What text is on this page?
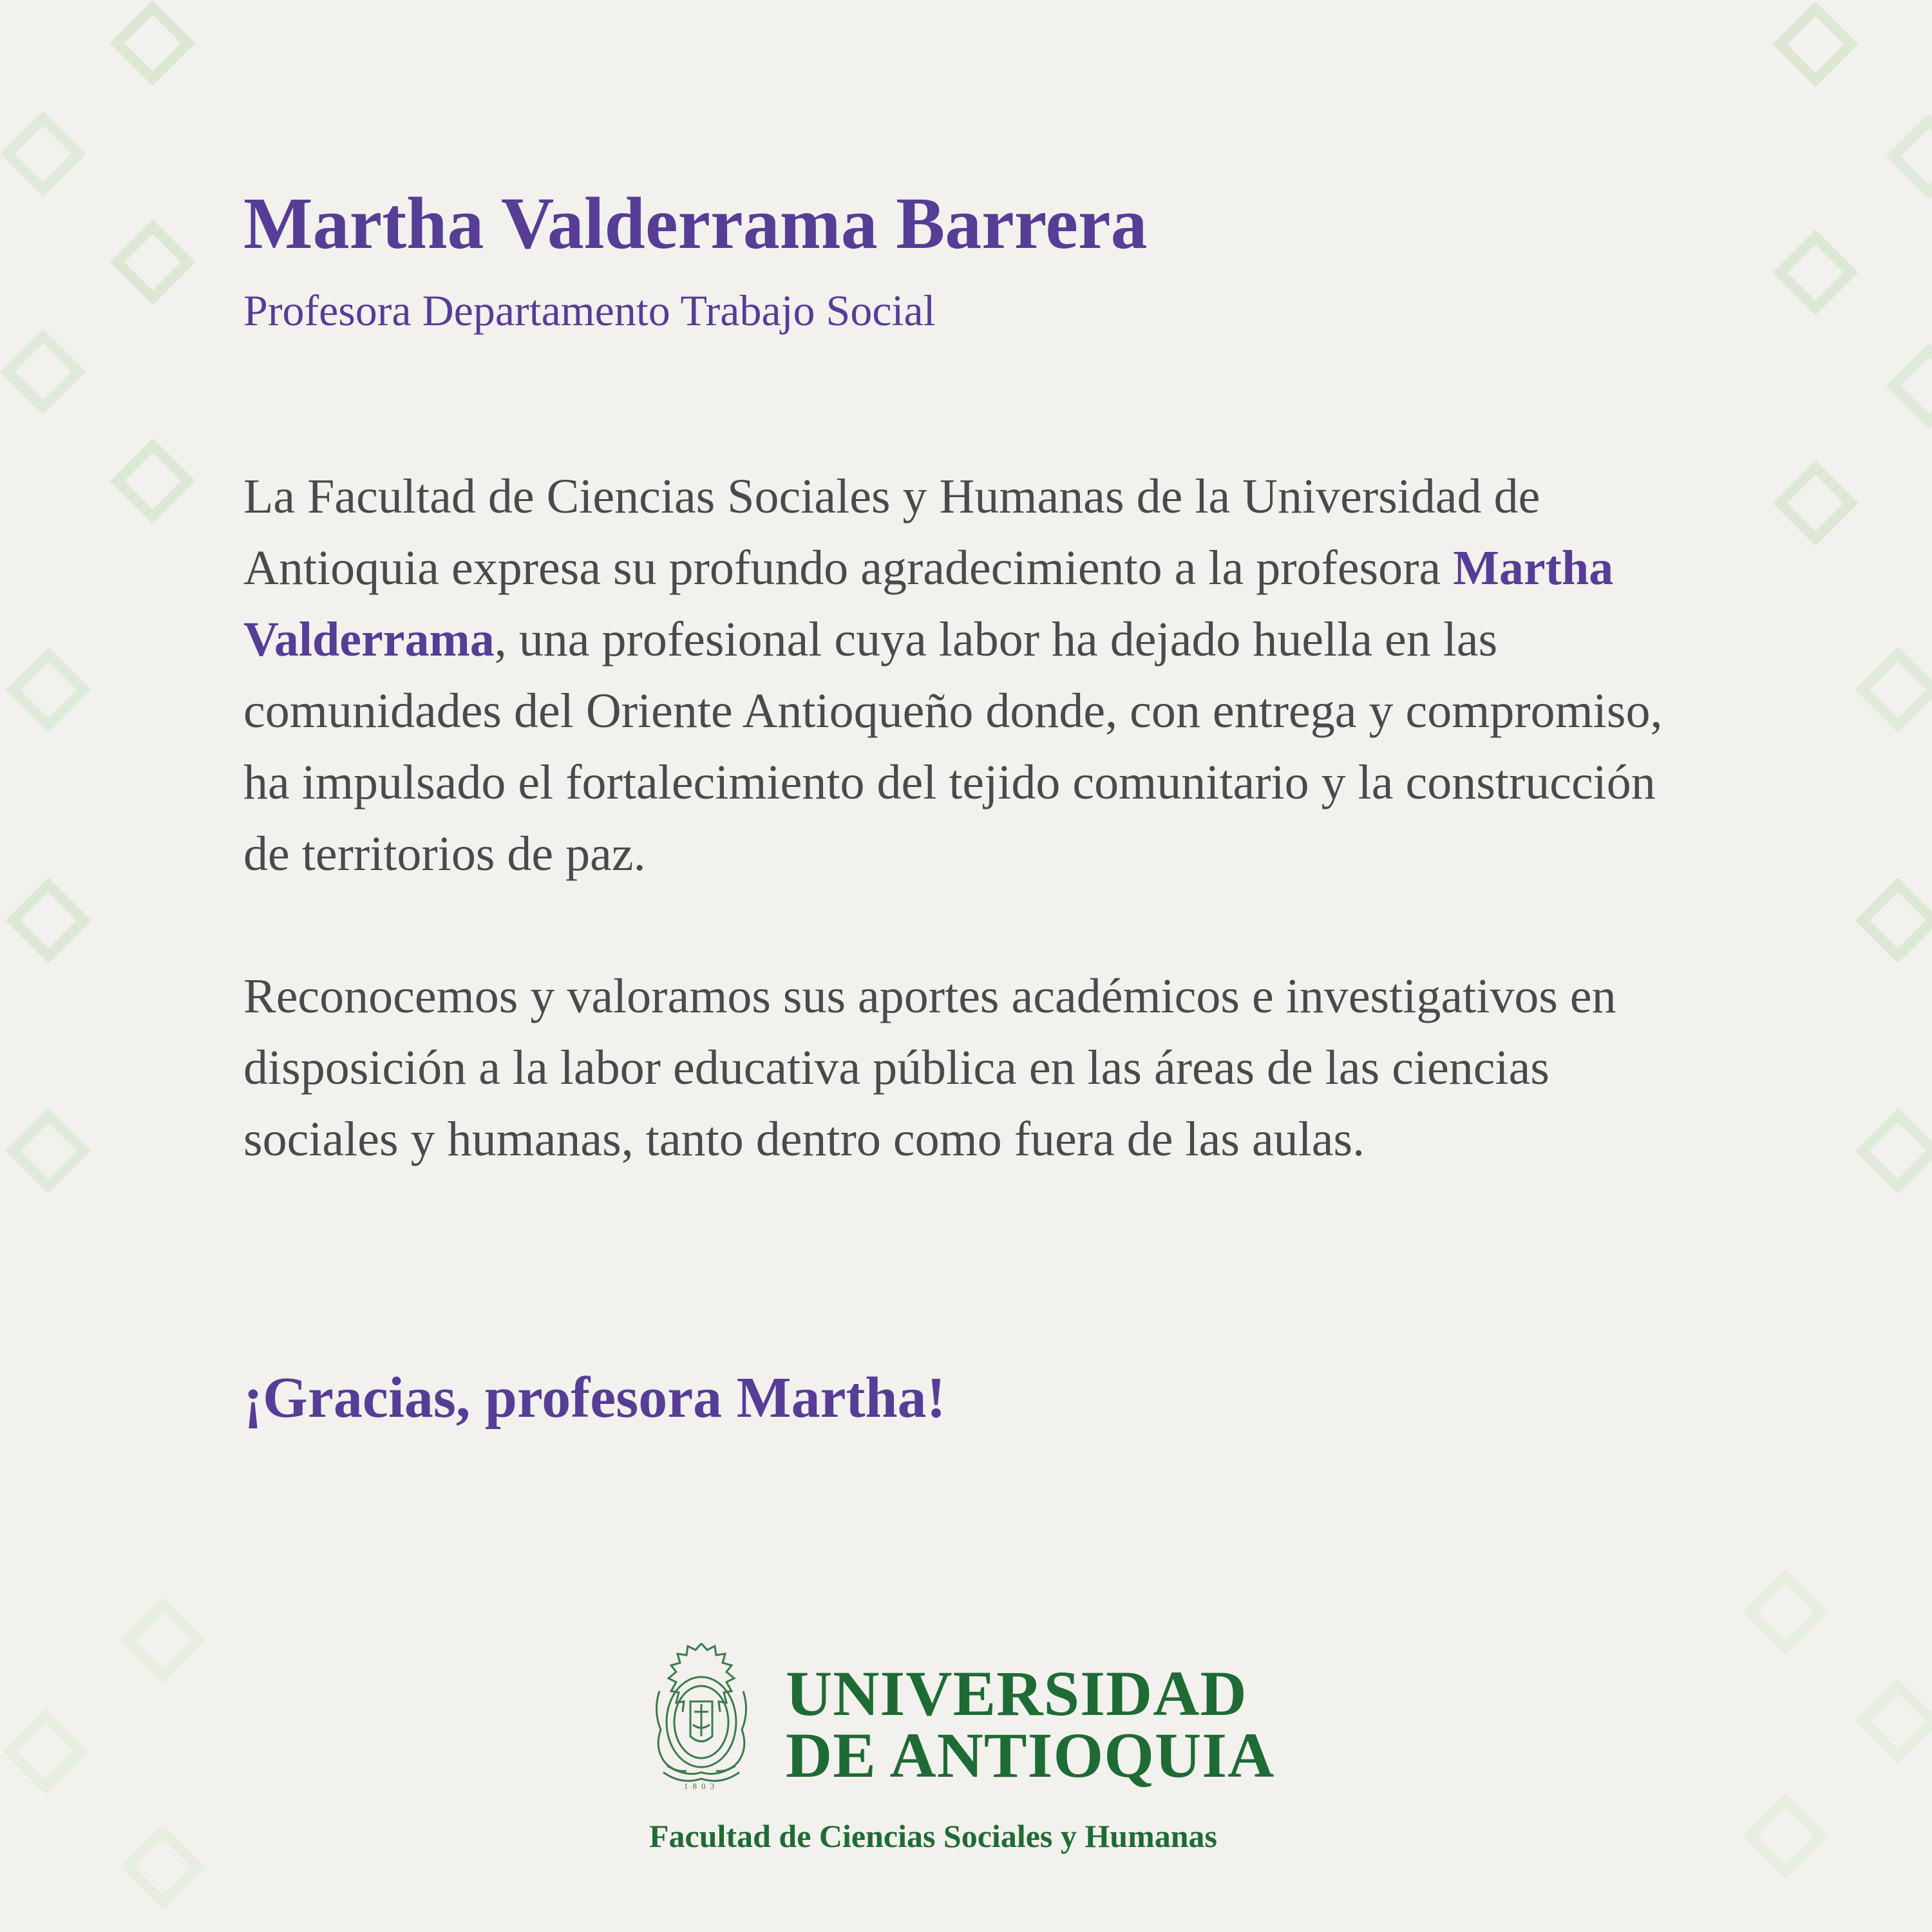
Martha Valderrama Barrera
Profesora Departamento Trabajo Social

La Facultad de Ciencias Sociales y Humanas de la Universidad de Antioquia expresa su profundo agradecimiento a la profesora Martha Valderrama, una profesional cuya labor ha dejado huella en las comunidades del Oriente Antioqueño donde, con entrega y compromiso, ha impulsado el fortalecimiento del tejido comunitario y la construcción de territorios de paz.

Reconocemos y valoramos sus aportes académicos e investigativos en disposición a la labor educativa pública en las áreas de las ciencias sociales y humanas, tanto dentro como fuera de las aulas.

¡Gracias, profesora Martha!
1803
UNIVERSIDAD
DE ANTIOQUIA
Facultad de Ciencias Sociales y Humanas
